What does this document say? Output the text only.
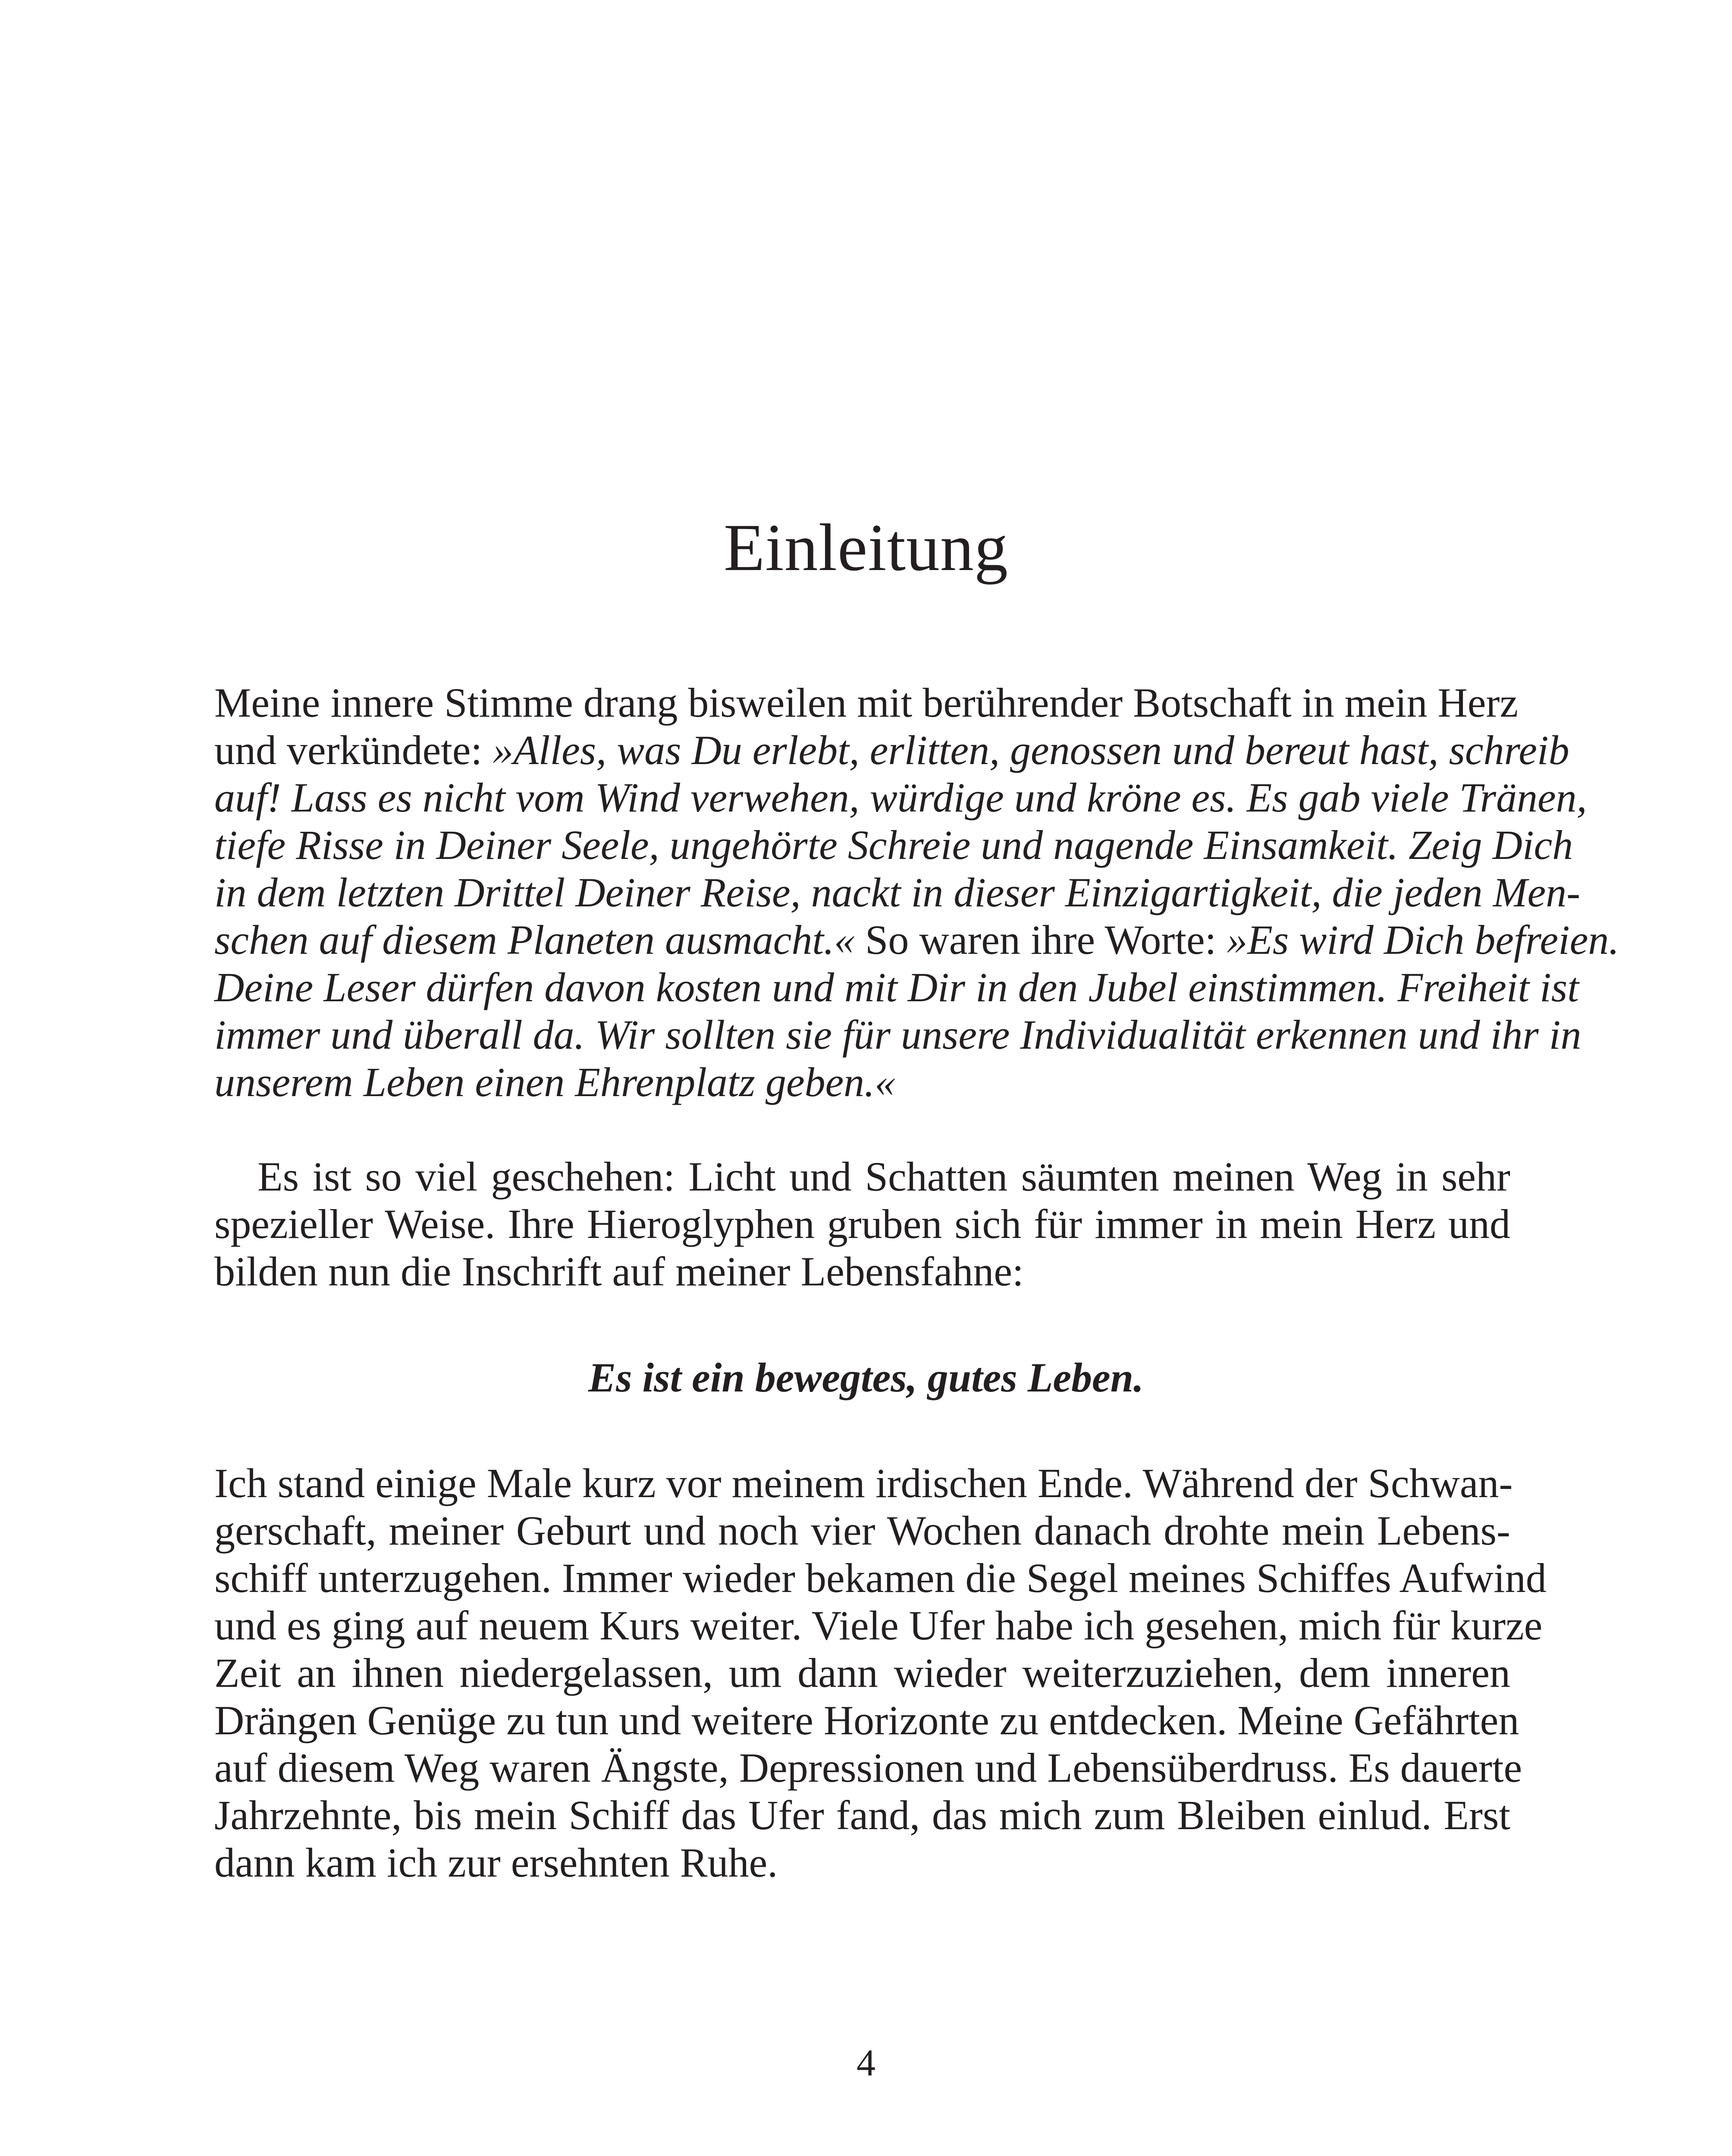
Einleitung
Meine innere Stimme drang bisweilen mit berührender Botschaft in mein Herz
und verkündete: »Alles, was Du erlebt, erlitten, genossen und bereut hast, schreib
auf! Lass es nicht vom Wind verwehen, würdige und kröne es. Es gab viele Tränen,
tiefe Risse in Deiner Seele, ungehörte Schreie und nagende Einsamkeit. Zeig Dich
in dem letzten Drittel Deiner Reise, nackt in dieser Einzigartigkeit, die jeden Men-
schen auf diesem Planeten ausmacht.« So waren ihre Worte: »Es wird Dich befreien.
Deine Leser dürfen davon kosten und mit Dir in den Jubel einstimmen. Freiheit ist
immer und überall da. Wir sollten sie für unsere Individualität erkennen und ihr in
unserem Leben einen Ehrenplatz geben.«
Es ist so viel geschehen: Licht und Schatten säumten meinen Weg in sehr
spezieller Weise. Ihre Hieroglyphen gruben sich für immer in mein Herz und
bilden nun die Inschrift auf meiner Lebensfahne:
Es ist ein bewegtes, gutes Leben.
Ich stand einige Male kurz vor meinem irdischen Ende. Während der Schwan-
gerschaft, meiner Geburt und noch vier Wochen danach drohte mein Lebens-
schiff unterzugehen. Immer wieder bekamen die Segel meines Schiffes Aufwind
und es ging auf neuem Kurs weiter. Viele Ufer habe ich gesehen, mich für kurze
Zeit an ihnen niedergelassen, um dann wieder weiterzuziehen, dem inneren
Drängen Genüge zu tun und weitere Horizonte zu entdecken. Meine Gefährten
auf diesem Weg waren Ängste, Depressionen und Lebensüberdruss. Es dauerte
Jahrzehnte, bis mein Schiff das Ufer fand, das mich zum Bleiben einlud. Erst
dann kam ich zur ersehnten Ruhe.
4
